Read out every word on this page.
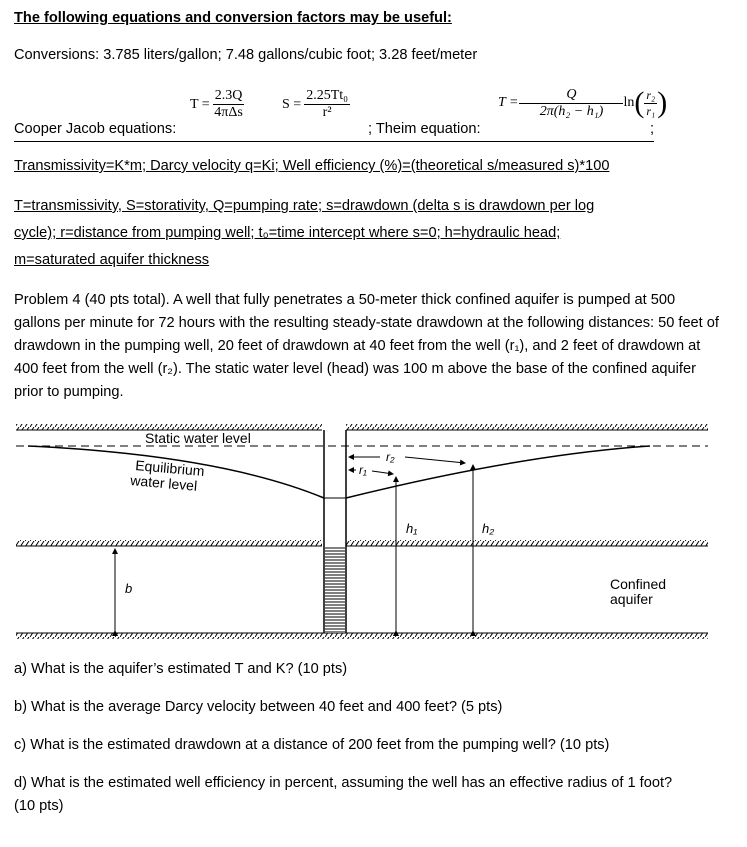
The following equations and conversion factors may be useful:
Conversions: 3.785 liters/gallon; 7.48 gallons/cubic foot; 3.28 feet/meter
Cooper Jacob equations:
T =
2.3Q
4πΔs
$S = \frac{\text{2.25Tt₀}}{\text{r²}}$
; Theim equation:
$T = \frac{Q}{\text{2π(h₂ − h₁)}}$ ln ( $\frac{\text{r₂}}{\text{r₁}}$ )
;
Transmissivity=K*m; Darcy velocity q=Ki; Well efficiency (%)=(theoretical s/measured s)*100
T=transmissivity, S=storativity, Q=pumping rate; s=drawdown (delta s is drawdown per log
cycle); r=distance from pumping well; t₀=time intercept where s=0; h=hydraulic head;
m=saturated aquifer thickness
Problem 4 (40 pts total). A well that fully penetrates a 50-meter thick confined aquifer is pumped at 500 gallons per minute for 72 hours with the resulting steady-state drawdown at the following distances: 50 feet of drawdown in the pumping well, 20 feet of drawdown at 40 feet from the well (r₁), and 2 feet of drawdown at 400 feet from the well (r₂). The static water level (head) was 100 m above the base of the confined aquifer prior to pumping.
Static water level
Equilibrium
water level
r₂
r₁
h₁	h₂
b	Confined
aquifer
a) What is the aquifer’s estimated T and K? (10 pts)
b) What is the average Darcy velocity between 40 feet and 400 feet? (5 pts)
c) What is the estimated drawdown at a distance of 200 feet from the pumping well? (10 pts)
d) What is the estimated well efficiency in percent, assuming the well has an effective radius of 1 foot?
(10 pts)
